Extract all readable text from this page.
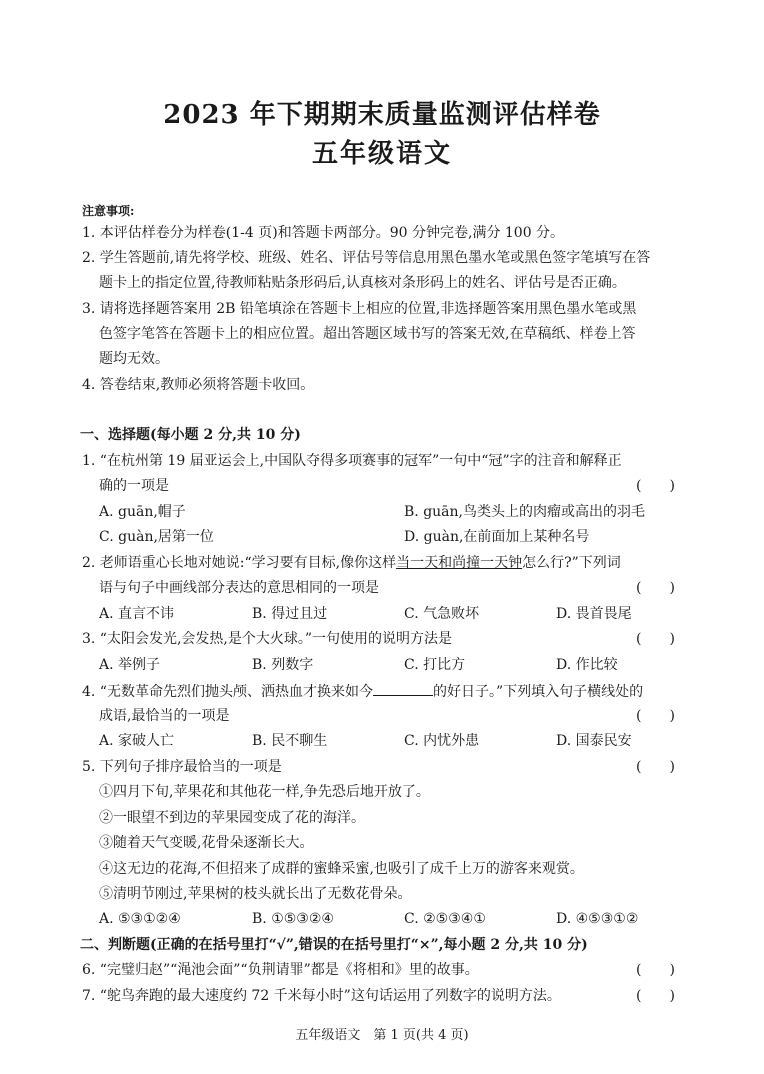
2023 年下期期末质量监测评估样卷
五年级语文
注意事项:
1. 本评估样卷分为样卷(1-4 页)和答题卡两部分。90 分钟完卷,满分 100 分。
2. 学生答题前,请先将学校、班级、姓名、评估号等信息用黑色墨水笔或黑色签字笔填写在答
题卡上的指定位置,待教师粘贴条形码后,认真核对条形码上的姓名、评估号是否正确。
3. 请将选择题答案用 2B 铅笔填涂在答题卡上相应的位置,非选择题答案用黑色墨水笔或黑
色签字笔答在答题卡上的相应位置。超出答题区域书写的答案无效,在草稿纸、样卷上答
题均无效。
4. 答卷结束,教师必须将答题卡收回。
一、选择题(每小题 2 分,共 10 分)
1. “在杭州第 19 届亚运会上,中国队夺得多项赛事的冠军”一句中“冠”字的注音和解释正
确的一项是	(　　)
A. guān,帽子	B. guān,鸟类头上的肉瘤或高出的羽毛
C. guàn,居第一位	D. guàn,在前面加上某种名号
2. 老师语重心长地对她说:“学习要有目标,像你这样当一天和尚撞一天钟怎么行?”下列词
语与句子中画线部分表达的意思相同的一项是	(　　)
A. 直言不讳	B. 得过且过	C. 气急败坏	D. 畏首畏尾
3. “太阳会发光,会发热,是个大火球。”一句使用的说明方法是	(　　)
A. 举例子	B. 列数字	C. 打比方	D. 作比较
4. “无数革命先烈们抛头颅、洒热血才换来如今	的好日子。”下列填入句子横线处的
成语,最恰当的一项是	(　　)
A. 家破人亡	B. 民不聊生	C. 内忧外患	D. 国泰民安
5. 下列句子排序最恰当的一项是	(　　)
①四月下旬,苹果花和其他花一样,争先恐后地开放了。
②一眼望不到边的苹果园变成了花的海洋。
③随着天气变暖,花骨朵逐渐长大。
④这无边的花海,不但招来了成群的蜜蜂采蜜,也吸引了成千上万的游客来观赏。
⑤清明节刚过,苹果树的枝头就长出了无数花骨朵。
A. ⑤③①②④	B. ①⑤③②④	C. ②⑤③④①	D. ④⑤③①②
二、判断题(正确的在括号里打“√”,错误的在括号里打“×”,每小题 2 分,共 10 分)
6. “完璧归赵”“渑池会面”“负荆请罪”都是《将相和》里的故事。	(　　)
7. “鸵鸟奔跑的最大速度约 72 千米每小时”这句话运用了列数字的说明方法。	(　　)
五年级语文　第 1 页(共 4 页)
